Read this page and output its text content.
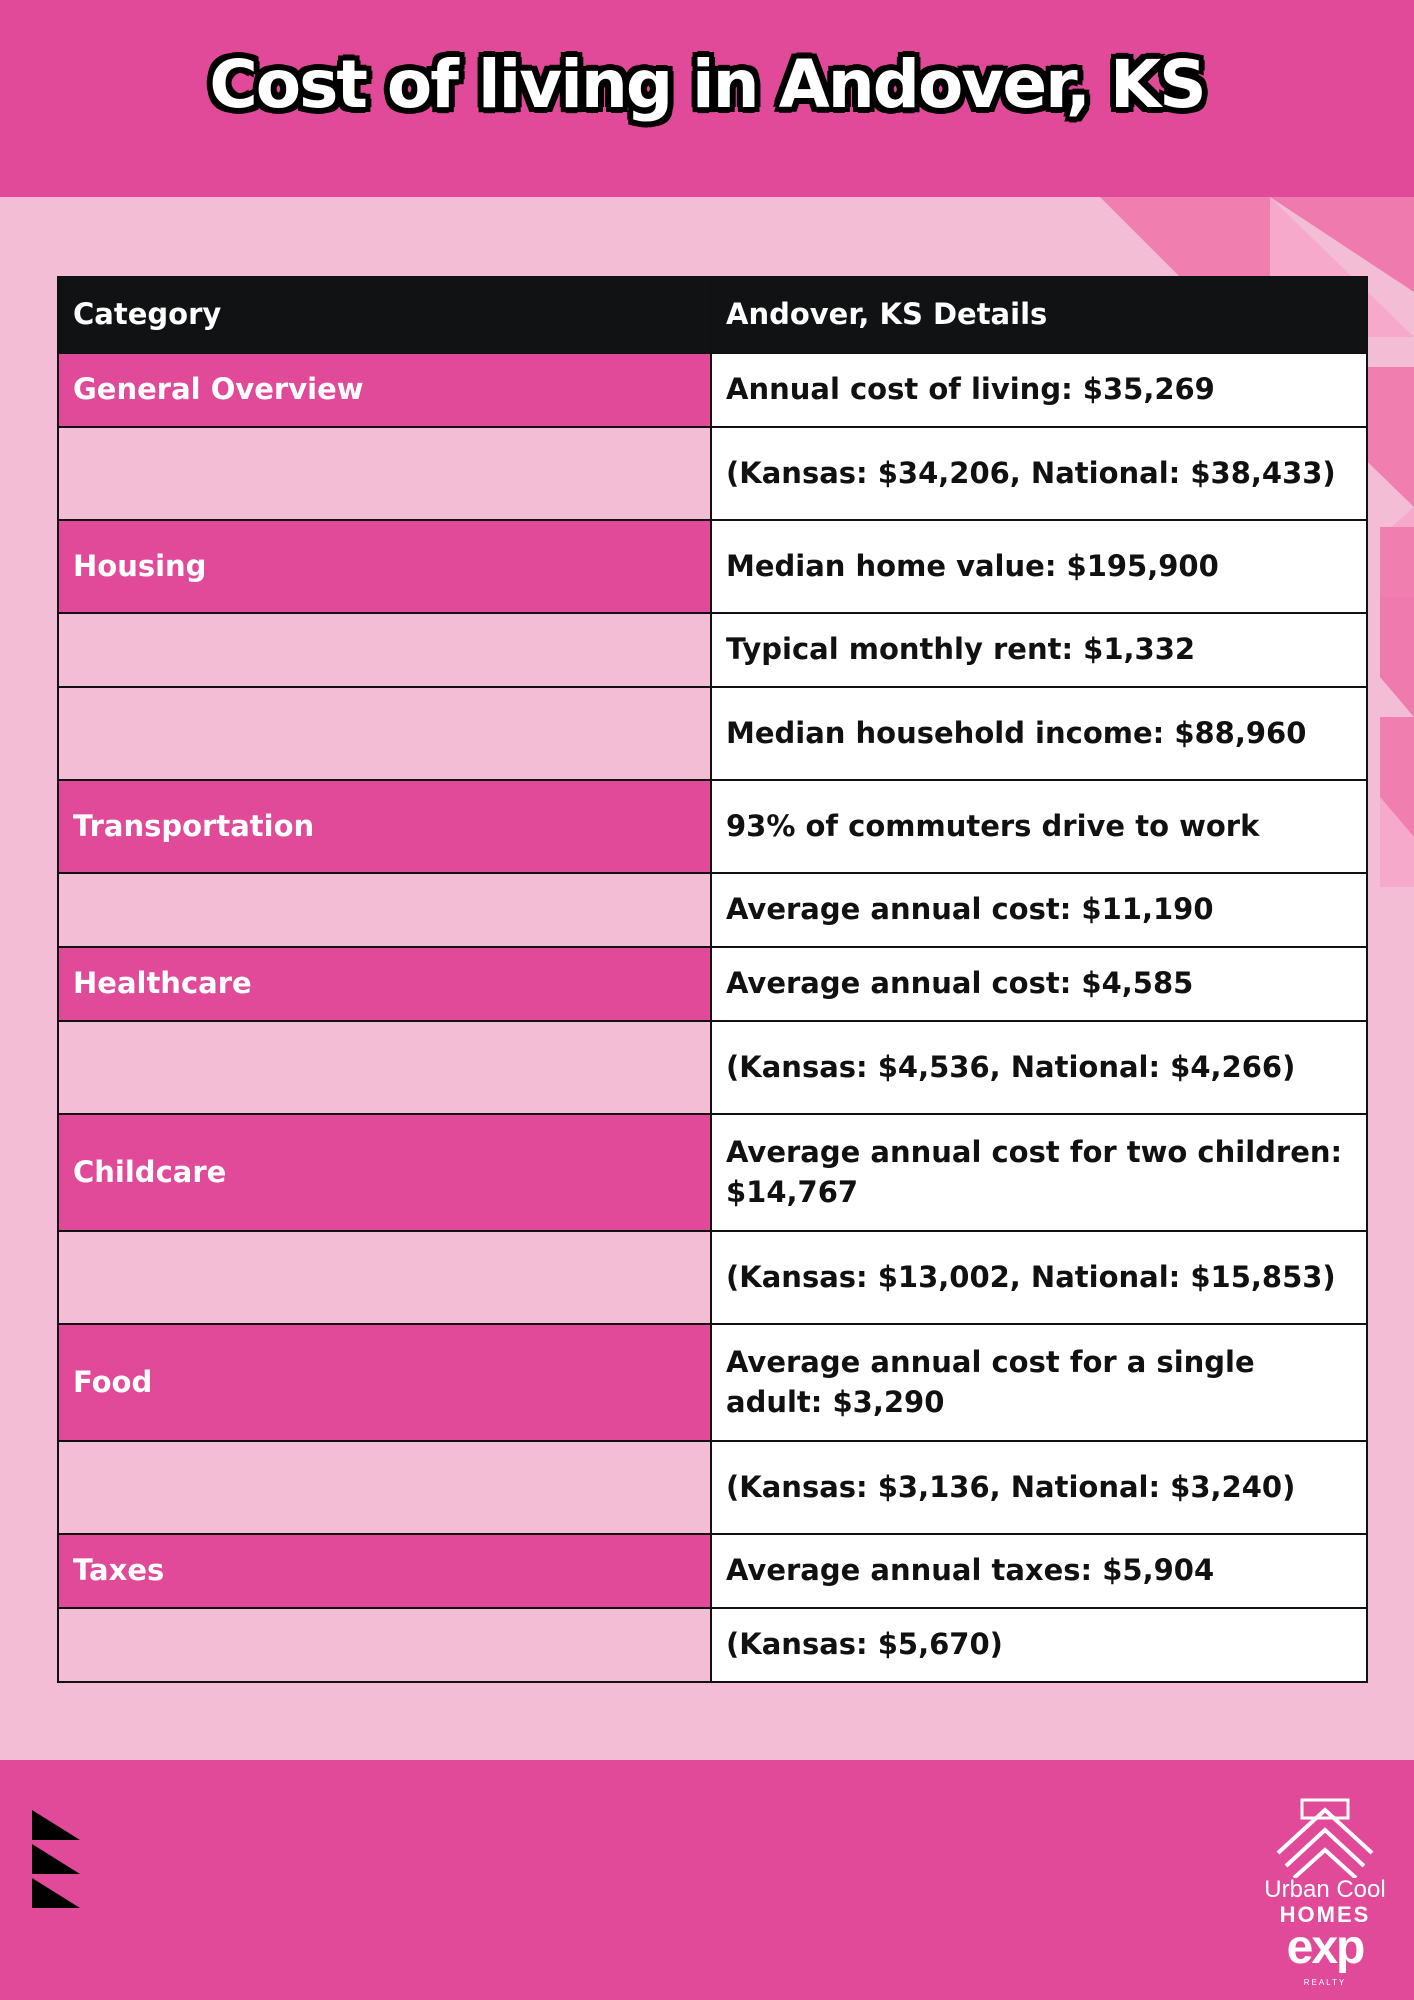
Cost of living in Andover, KS
Category	Andover, KS Details
General Overview	Annual cost of living: $35,269
	(Kansas: $34,206, National: $38,433)
Housing	Median home value: $195,900
	Typical monthly rent: $1,332
	Median household income: $88,960
Transportation	93% of commuters drive to work
	Average annual cost: $11,190
Healthcare	Average annual cost: $4,585
	(Kansas: $4,536, National: $4,266)
Childcare	Average annual cost for two children: $14,767
	(Kansas: $13,002, National: $15,853)
Food	Average annual cost for a single adult: $3,290
	(Kansas: $3,136, National: $3,240)
Taxes	Average annual taxes: $5,904
	(Kansas: $5,670)
Urban Cool
HOMES
exp
REALTY
